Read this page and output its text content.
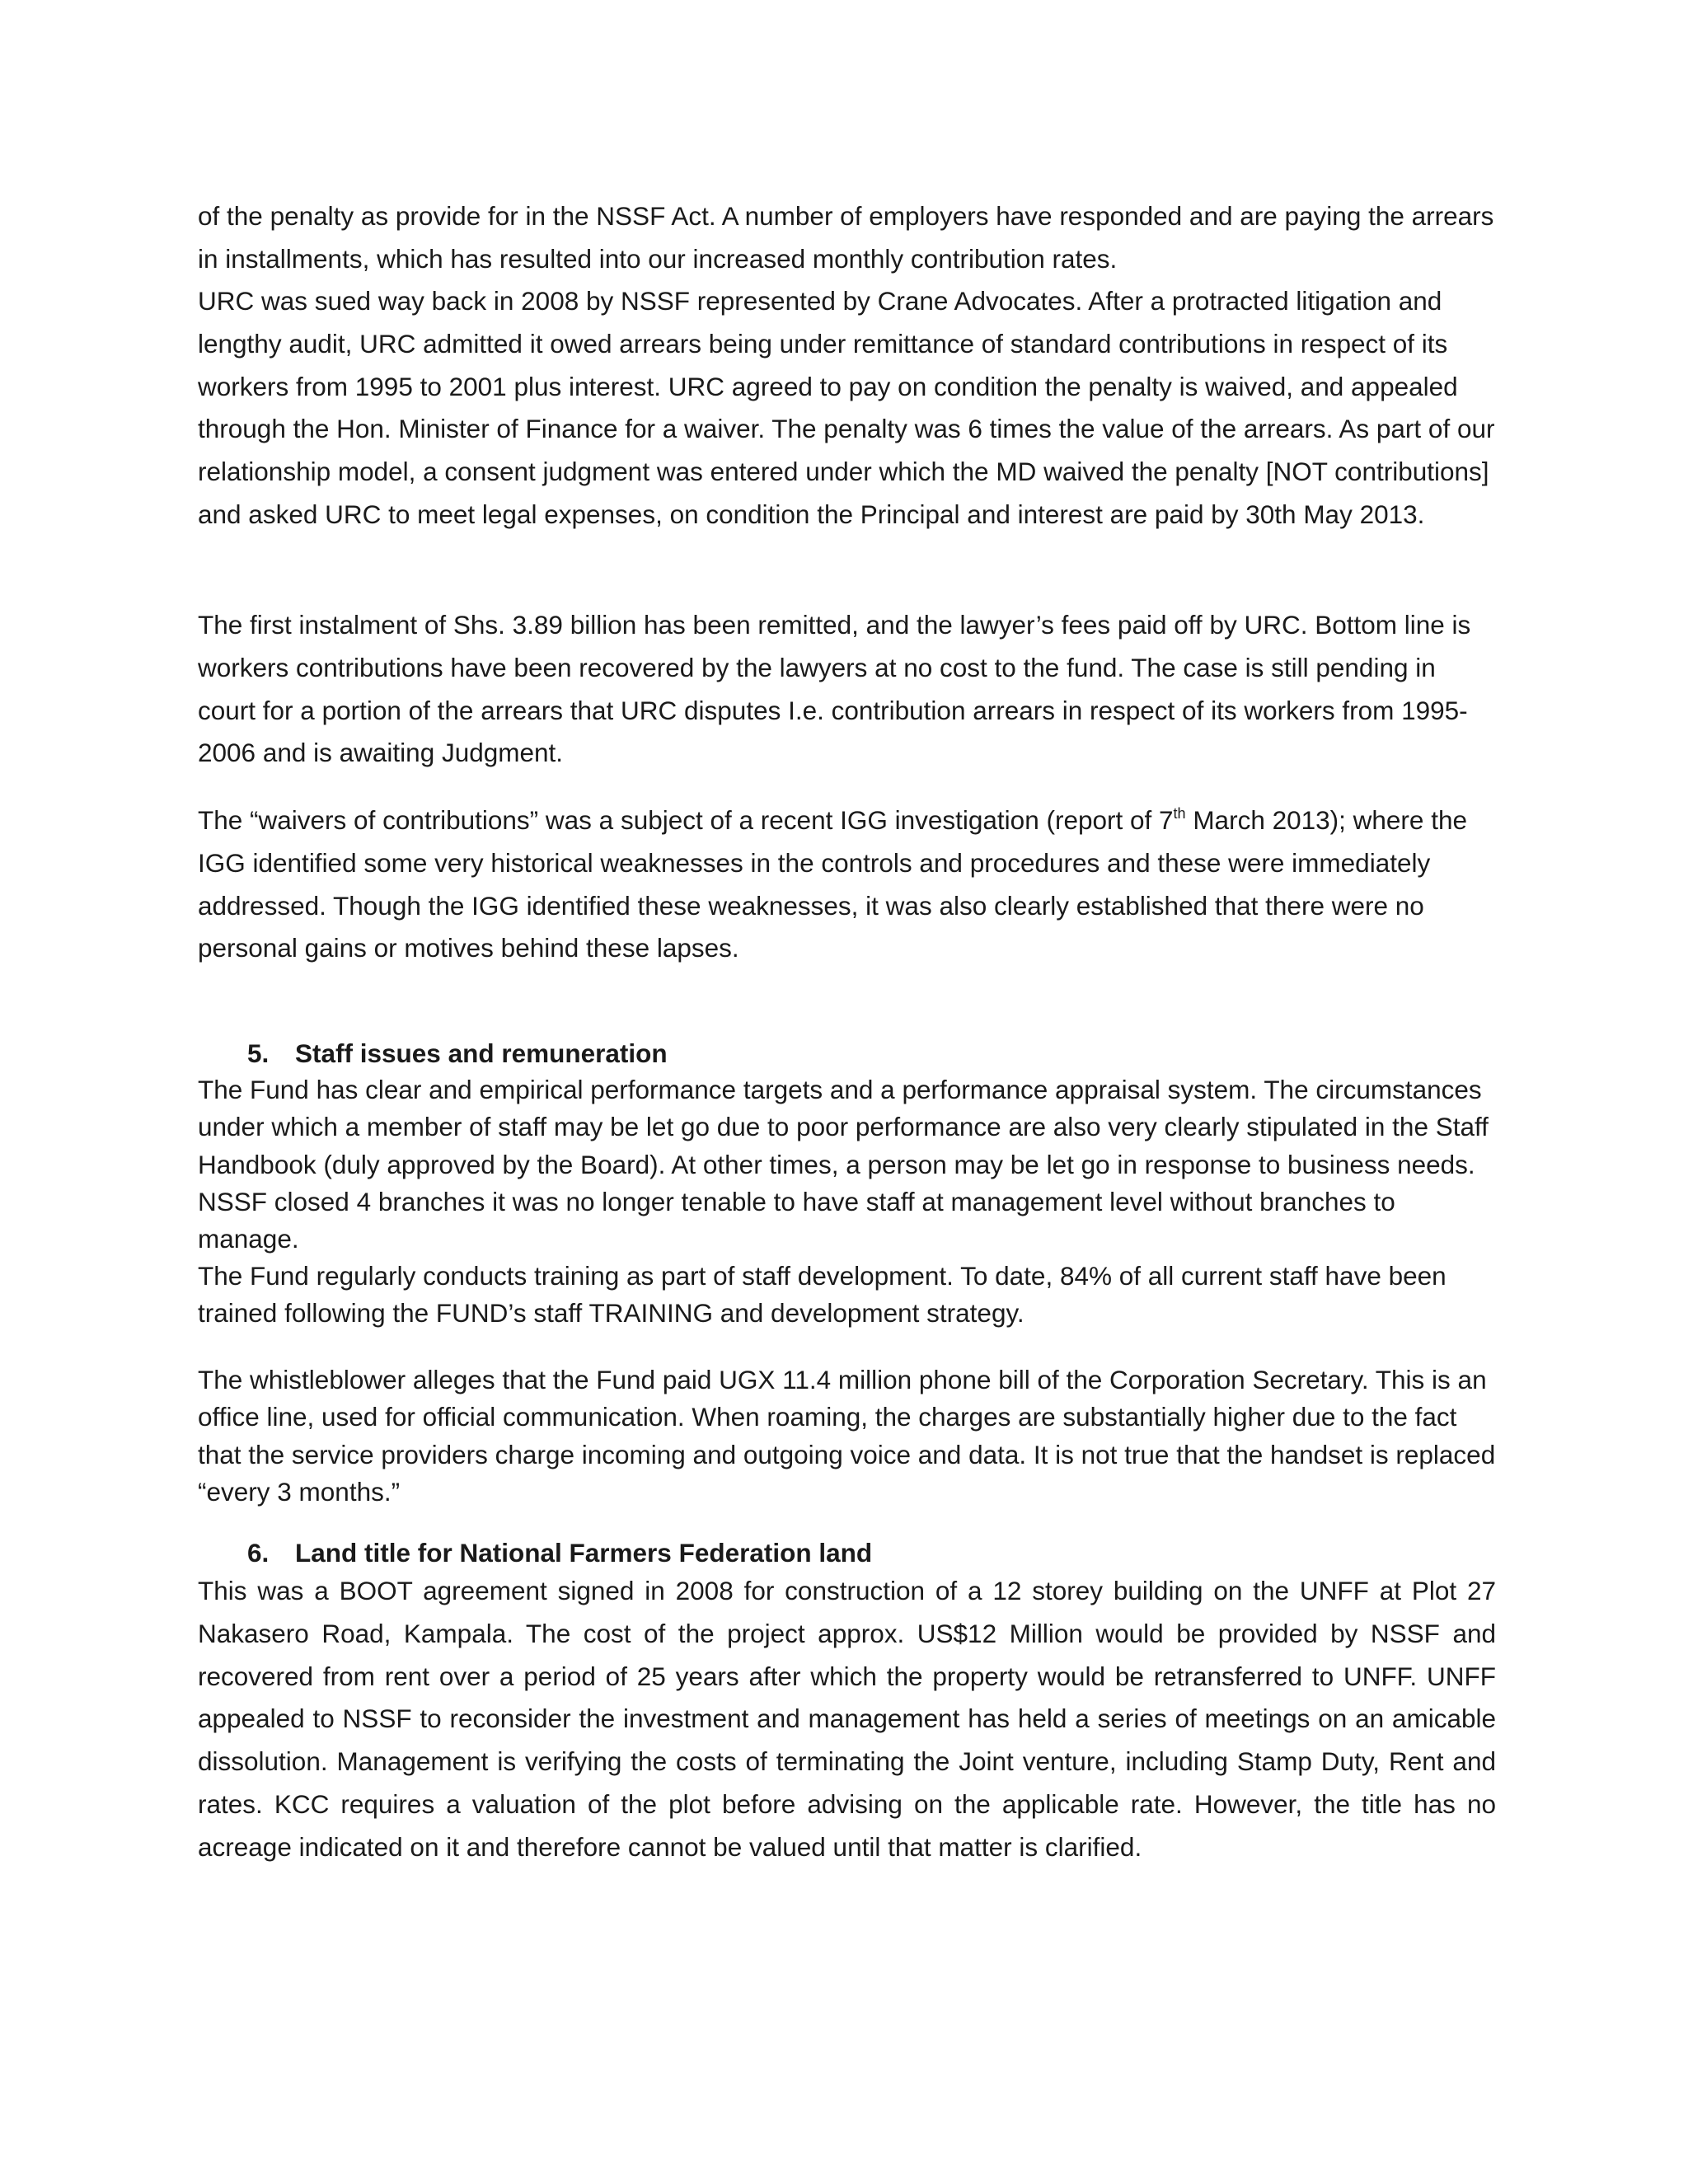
of the penalty as provide for in the NSSF Act. A number of employers have responded and are paying the arrears in installments, which has resulted into our increased monthly contribution rates.

URC was sued way back in 2008 by NSSF represented by Crane Advocates. After a protracted litigation and lengthy audit, URC admitted it owed arrears being under remittance of standard contributions in respect of its workers from 1995 to 2001 plus interest. URC agreed to pay on condition the penalty is waived, and appealed through the Hon. Minister of Finance for a waiver. The penalty was 6 times the value of the arrears. As part of our relationship model, a consent judgment was entered under which the MD waived the penalty [NOT contributions] and asked URC to meet legal expenses, on condition the Principal and interest are paid by 30th May 2013.

The first instalment of Shs. 3.89 billion has been remitted, and the lawyer’s fees paid off by URC. Bottom line is workers contributions have been recovered by the lawyers at no cost to the fund. The case is still pending in court for a portion of the arrears that URC disputes I.e. contribution arrears in respect of its workers from 1995-2006 and is awaiting Judgment.

The “waivers of contributions” was a subject of a recent IGG investigation (report of 7th March 2013); where the IGG identified some very historical weaknesses in the controls and procedures and these were immediately addressed. Though the IGG identified these weaknesses, it was also clearly established that there were no personal gains or motives behind these lapses.

5. Staff issues and remuneration

The Fund has clear and empirical performance targets and a performance appraisal system. The circumstances under which a member of staff may be let go due to poor performance are also very clearly stipulated in the Staff Handbook (duly approved by the Board). At other times, a person may be let go in response to business needs. NSSF closed 4 branches it was no longer tenable to have staff at management level without branches to manage.

The Fund regularly conducts training as part of staff development. To date, 84% of all current staff have been trained following the FUND’s staff TRAINING and development strategy.

The whistleblower alleges that the Fund paid UGX 11.4 million phone bill of the Corporation Secretary. This is an office line, used for official communication. When roaming, the charges are substantially higher due to the fact that the service providers charge incoming and outgoing voice and data. It is not true that the handset is replaced “every 3 months.”

6. Land title for National Farmers Federation land

This was a BOOT agreement signed in 2008 for construction of a 12 storey building on the UNFF at Plot 27 Nakasero Road, Kampala. The cost of the project approx. US$12 Million would be provided by NSSF and recovered from rent over a period of 25 years after which the property would be retransferred to UNFF. UNFF appealed to NSSF to reconsider the investment and management has held a series of meetings on an amicable dissolution. Management is verifying the costs of terminating the Joint venture, including Stamp Duty, Rent and rates. KCC requires a valuation of the plot before advising on the applicable rate. However, the title has no acreage indicated on it and therefore cannot be valued until that matter is clarified.
